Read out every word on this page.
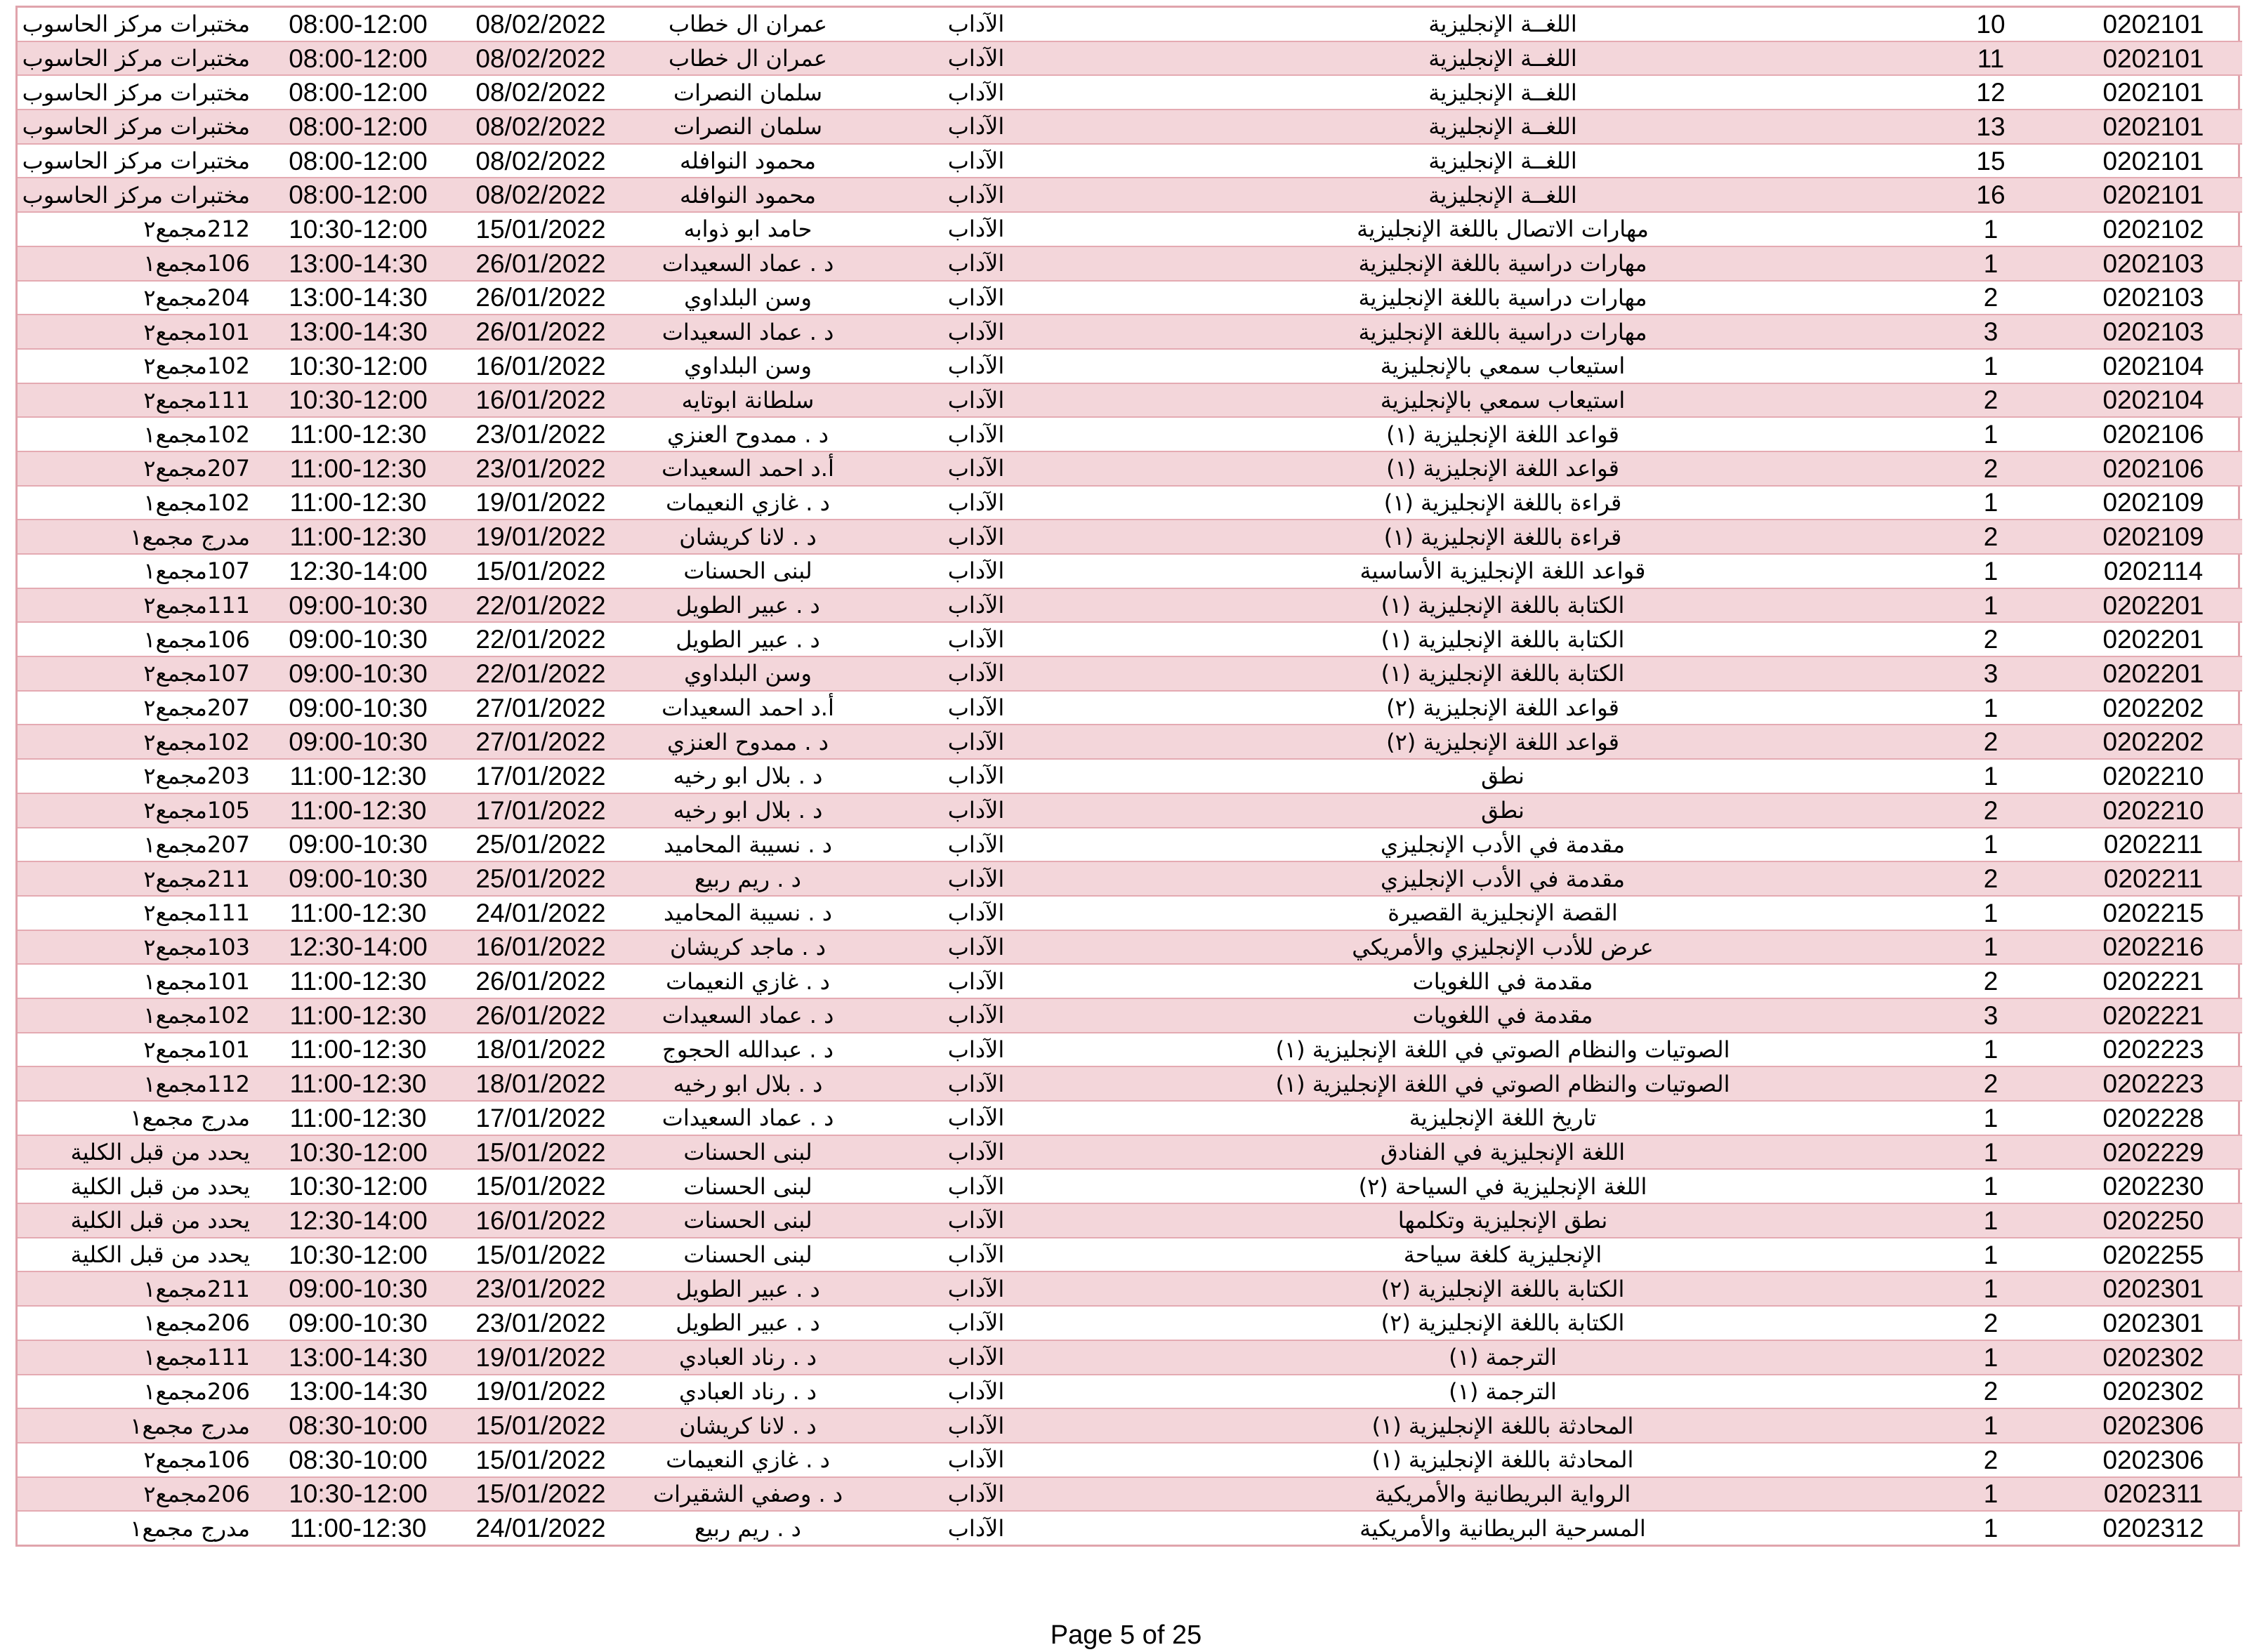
مختبرات مركز الحاسوب	08:00-12:00	08/02/2022	عمران ال خطاب	الآداب	اللغــة الإنجليزية	10	0202101
مختبرات مركز الحاسوب	08:00-12:00	08/02/2022	عمران ال خطاب	الآداب	اللغــة الإنجليزية	11	0202101
مختبرات مركز الحاسوب	08:00-12:00	08/02/2022	سلمان النصرات	الآداب	اللغــة الإنجليزية	12	0202101
مختبرات مركز الحاسوب	08:00-12:00	08/02/2022	سلمان النصرات	الآداب	اللغــة الإنجليزية	13	0202101
مختبرات مركز الحاسوب	08:00-12:00	08/02/2022	محمود النوافله	الآداب	اللغــة الإنجليزية	15	0202101
مختبرات مركز الحاسوب	08:00-12:00	08/02/2022	محمود النوافله	الآداب	اللغــة الإنجليزية	16	0202101
212مجمع٢	10:30-12:00	15/01/2022	حامد ابو ذوابه	الآداب	مهارات الاتصال باللغة الإنجليزية	1	0202102
106مجمع١	13:00-14:30	26/01/2022	د . عماد السعيدات	الآداب	مهارات دراسية باللغة الإنجليزية	1	0202103
204مجمع٢	13:00-14:30	26/01/2022	وسن البلداوي	الآداب	مهارات دراسية باللغة الإنجليزية	2	0202103
101مجمع٢	13:00-14:30	26/01/2022	د . عماد السعيدات	الآداب	مهارات دراسية باللغة الإنجليزية	3	0202103
102مجمع٢	10:30-12:00	16/01/2022	وسن البلداوي	الآداب	استيعاب سمعي بالإنجليزية	1	0202104
111مجمع٢	10:30-12:00	16/01/2022	سلطانة ابوتايه	الآداب	استيعاب سمعي بالإنجليزية	2	0202104
102مجمع١	11:00-12:30	23/01/2022	د . ممدوح العنزي	الآداب	قواعد اللغة الإنجليزية (١)	1	0202106
207مجمع٢	11:00-12:30	23/01/2022	أ.د احمد السعيدات	الآداب	قواعد اللغة الإنجليزية (١)	2	0202106
102مجمع١	11:00-12:30	19/01/2022	د . غازي النعيمات	الآداب	قراءة باللغة الإنجليزية (١)	1	0202109
مدرج مجمع١	11:00-12:30	19/01/2022	د . لانا كريشان	الآداب	قراءة باللغة الإنجليزية (١)	2	0202109
107مجمع١	12:30-14:00	15/01/2022	لبنى الحسنات	الآداب	قواعد اللغة الإنجليزية الأساسية	1	0202114
111مجمع٢	09:00-10:30	22/01/2022	د . عبير الطويل	الآداب	الكتابة باللغة الإنجليزية (١)	1	0202201
106مجمع١	09:00-10:30	22/01/2022	د . عبير الطويل	الآداب	الكتابة باللغة الإنجليزية (١)	2	0202201
107مجمع٢	09:00-10:30	22/01/2022	وسن البلداوي	الآداب	الكتابة باللغة الإنجليزية (١)	3	0202201
207مجمع٢	09:00-10:30	27/01/2022	أ.د احمد السعيدات	الآداب	قواعد اللغة الإنجليزية (٢)	1	0202202
102مجمع٢	09:00-10:30	27/01/2022	د . ممدوح العنزي	الآداب	قواعد اللغة الإنجليزية (٢)	2	0202202
203مجمع٢	11:00-12:30	17/01/2022	د . بلال ابو رخيه	الآداب	نطق	1	0202210
105مجمع٢	11:00-12:30	17/01/2022	د . بلال ابو رخيه	الآداب	نطق	2	0202210
207مجمع١	09:00-10:30	25/01/2022	د . نسيبة المحاميد	الآداب	مقدمة في الأدب الإنجليزي	1	0202211
211مجمع٢	09:00-10:30	25/01/2022	د . ريم ربيع	الآداب	مقدمة في الأدب الإنجليزي	2	0202211
111مجمع٢	11:00-12:30	24/01/2022	د . نسيبة المحاميد	الآداب	القصة الإنجليزية القصيرة	1	0202215
103مجمع٢	12:30-14:00	16/01/2022	د . ماجد كريشان	الآداب	عرض للأدب الإنجليزي والأمريكي	1	0202216
101مجمع١	11:00-12:30	26/01/2022	د . غازي النعيمات	الآداب	مقدمة في اللغويات	2	0202221
102مجمع١	11:00-12:30	26/01/2022	د . عماد السعيدات	الآداب	مقدمة في اللغويات	3	0202221
101مجمع٢	11:00-12:30	18/01/2022	د . عبدالله الحجوج	الآداب	الصوتيات والنظام الصوتي في اللغة الإنجليزية (١)	1	0202223
112مجمع١	11:00-12:30	18/01/2022	د . بلال ابو رخيه	الآداب	الصوتيات والنظام الصوتي في اللغة الإنجليزية (١)	2	0202223
مدرج مجمع١	11:00-12:30	17/01/2022	د . عماد السعيدات	الآداب	تاريخ اللغة الإنجليزية	1	0202228
يحدد من قبل الكلية	10:30-12:00	15/01/2022	لبنى الحسنات	الآداب	اللغة الإنجليزية في الفنادق	1	0202229
يحدد من قبل الكلية	10:30-12:00	15/01/2022	لبنى الحسنات	الآداب	اللغة الإنجليزية في السياحة (٢)	1	0202230
يحدد من قبل الكلية	12:30-14:00	16/01/2022	لبنى الحسنات	الآداب	نطق الإنجليزية وتكلمها	1	0202250
يحدد من قبل الكلية	10:30-12:00	15/01/2022	لبنى الحسنات	الآداب	الإنجليزية كلغة سياحة	1	0202255
211مجمع١	09:00-10:30	23/01/2022	د . عبير الطويل	الآداب	الكتابة باللغة الإنجليزية (٢)	1	0202301
206مجمع١	09:00-10:30	23/01/2022	د . عبير الطويل	الآداب	الكتابة باللغة الإنجليزية (٢)	2	0202301
111مجمع١	13:00-14:30	19/01/2022	د . رناد العبادي	الآداب	الترجمة (١)	1	0202302
206مجمع١	13:00-14:30	19/01/2022	د . رناد العبادي	الآداب	الترجمة (١)	2	0202302
مدرج مجمع١	08:30-10:00	15/01/2022	د . لانا كريشان	الآداب	المحادثة باللغة الإنجليزية (١)	1	0202306
106مجمع٢	08:30-10:00	15/01/2022	د . غازي النعيمات	الآداب	المحادثة باللغة الإنجليزية (١)	2	0202306
206مجمع٢	10:30-12:00	15/01/2022	د . وصفي الشقيرات	الآداب	الرواية البريطانية والأمريكية	1	0202311
مدرج مجمع١	11:00-12:30	24/01/2022	د . ريم ربيع	الآداب	المسرحية البريطانية والأمريكية	1	0202312
Page 5 of 25
